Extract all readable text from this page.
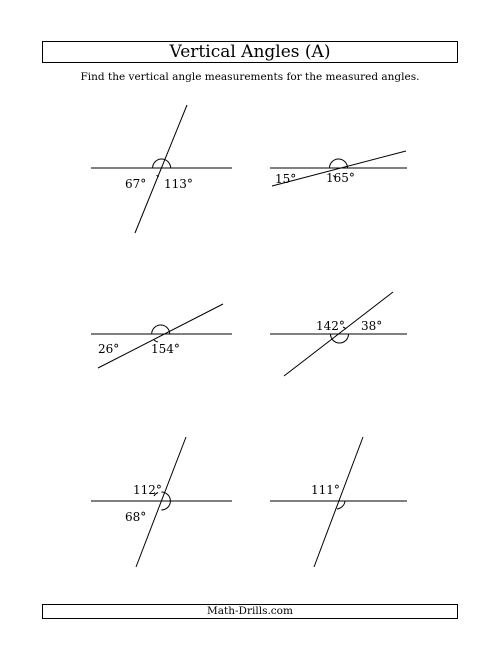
Vertical Angles (A)
Find the vertical angle measurements for the measured angles.
67° 113°	15° 165°
26°	154°
142° 38°
112°
68°
111°
Math-Drills.com
